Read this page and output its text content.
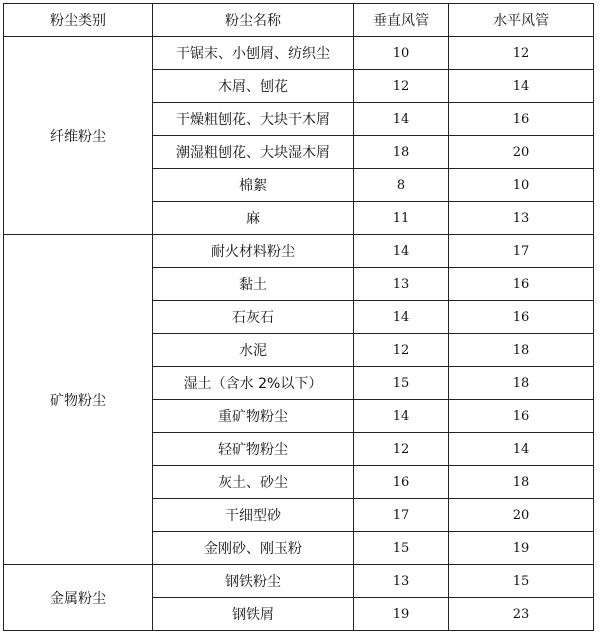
粉尘类别	粉尘名称	垂直风管	水平风管
纤维粉尘	干锯末、小刨屑、纺织尘	10	12
	木屑、刨花	12	14
	干燥粗刨花、大块干木屑	14	16
	潮湿粗刨花、大块湿木屑	18	20
	棉絮	8	10
	麻	11	13
矿物粉尘	耐火材料粉尘	14	17
	黏土	13	16
	石灰石	14	16
	水泥	12	18
	湿土（含水 2%以下）	15	18
	重矿物粉尘	14	16
	轻矿物粉尘	12	14
	灰土、砂尘	16	18
	干细型砂	17	20
	金刚砂、刚玉粉	15	19
金属粉尘	钢铁粉尘	13	15
	钢铁屑	19	23
